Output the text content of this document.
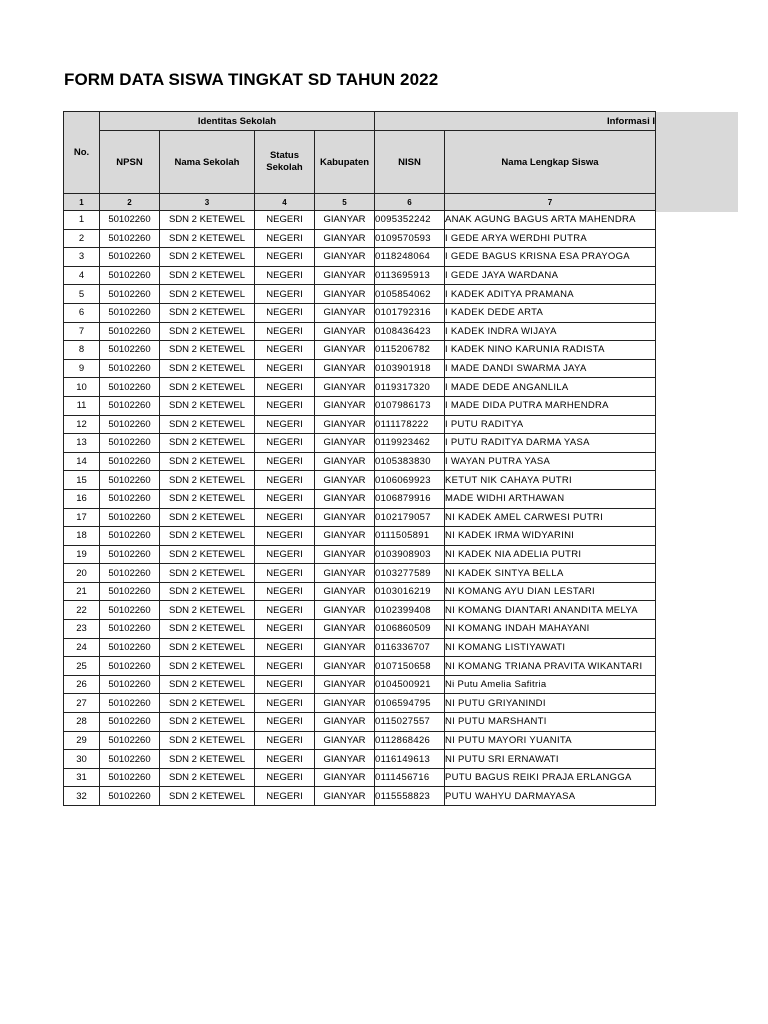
FORM DATA SISWA TINGKAT SD TAHUN 2022
No.	Identitas Sekolah				Informasi I	
	NPSN	Nama Sekolah	Status Sekolah	Kabupaten	NISN	Nama Lengkap Siswa
1	2	3	4	5	6	7
1	50102260	SDN 2 KETEWEL	NEGERI	GIANYAR	0095352242	ANAK AGUNG BAGUS ARTA MAHENDRA
2	50102260	SDN 2 KETEWEL	NEGERI	GIANYAR	0109570593	I GEDE ARYA WERDHI PUTRA
3	50102260	SDN 2 KETEWEL	NEGERI	GIANYAR	0118248064	I GEDE BAGUS KRISNA ESA PRAYOGA
4	50102260	SDN 2 KETEWEL	NEGERI	GIANYAR	0113695913	I GEDE JAYA WARDANA
5	50102260	SDN 2 KETEWEL	NEGERI	GIANYAR	0105854062	I KADEK ADITYA PRAMANA
6	50102260	SDN 2 KETEWEL	NEGERI	GIANYAR	0101792316	I KADEK DEDE ARTA
7	50102260	SDN 2 KETEWEL	NEGERI	GIANYAR	0108436423	I KADEK INDRA WIJAYA
8	50102260	SDN 2 KETEWEL	NEGERI	GIANYAR	0115206782	I KADEK NINO KARUNIA RADISTA
9	50102260	SDN 2 KETEWEL	NEGERI	GIANYAR	0103901918	I MADE DANDI SWARMA JAYA
10	50102260	SDN 2 KETEWEL	NEGERI	GIANYAR	0119317320	I MADE DEDE ANGANLILA
11	50102260	SDN 2 KETEWEL	NEGERI	GIANYAR	0107986173	I MADE DIDA PUTRA MARHENDRA
12	50102260	SDN 2 KETEWEL	NEGERI	GIANYAR	0111178222	I PUTU RADITYA
13	50102260	SDN 2 KETEWEL	NEGERI	GIANYAR	0119923462	I PUTU RADITYA DARMA YASA
14	50102260	SDN 2 KETEWEL	NEGERI	GIANYAR	0105383830	I WAYAN PUTRA YASA
15	50102260	SDN 2 KETEWEL	NEGERI	GIANYAR	0106069923	KETUT NIK CAHAYA PUTRI
16	50102260	SDN 2 KETEWEL	NEGERI	GIANYAR	0106879916	MADE WIDHI ARTHAWAN
17	50102260	SDN 2 KETEWEL	NEGERI	GIANYAR	0102179057	NI KADEK AMEL CARWESI PUTRI
18	50102260	SDN 2 KETEWEL	NEGERI	GIANYAR	0111505891	NI KADEK IRMA WIDYARINI
19	50102260	SDN 2 KETEWEL	NEGERI	GIANYAR	0103908903	NI KADEK NIA ADELIA PUTRI
20	50102260	SDN 2 KETEWEL	NEGERI	GIANYAR	0103277589	NI KADEK SINTYA BELLA
21	50102260	SDN 2 KETEWEL	NEGERI	GIANYAR	0103016219	NI KOMANG AYU DIAN LESTARI
22	50102260	SDN 2 KETEWEL	NEGERI	GIANYAR	0102399408	NI KOMANG DIANTARI ANANDITA MELYA
23	50102260	SDN 2 KETEWEL	NEGERI	GIANYAR	0106860509	NI KOMANG INDAH MAHAYANI
24	50102260	SDN 2 KETEWEL	NEGERI	GIANYAR	0116336707	NI KOMANG LISTIYAWATI
25	50102260	SDN 2 KETEWEL	NEGERI	GIANYAR	0107150658	NI KOMANG TRIANA PRAVITA WIKANTARI
26	50102260	SDN 2 KETEWEL	NEGERI	GIANYAR	0104500921	Ni Putu Amelia Safitria
27	50102260	SDN 2 KETEWEL	NEGERI	GIANYAR	0106594795	NI PUTU GRIYANINDI
28	50102260	SDN 2 KETEWEL	NEGERI	GIANYAR	0115027557	NI PUTU MARSHANTI
29	50102260	SDN 2 KETEWEL	NEGERI	GIANYAR	0112868426	NI PUTU MAYORI YUANITA
30	50102260	SDN 2 KETEWEL	NEGERI	GIANYAR	0116149613	NI PUTU SRI ERNAWATI
31	50102260	SDN 2 KETEWEL	NEGERI	GIANYAR	0111456716	PUTU BAGUS REIKI PRAJA ERLANGGA
32	50102260	SDN 2 KETEWEL	NEGERI	GIANYAR	0115558823	PUTU WAHYU DARMAYASA
